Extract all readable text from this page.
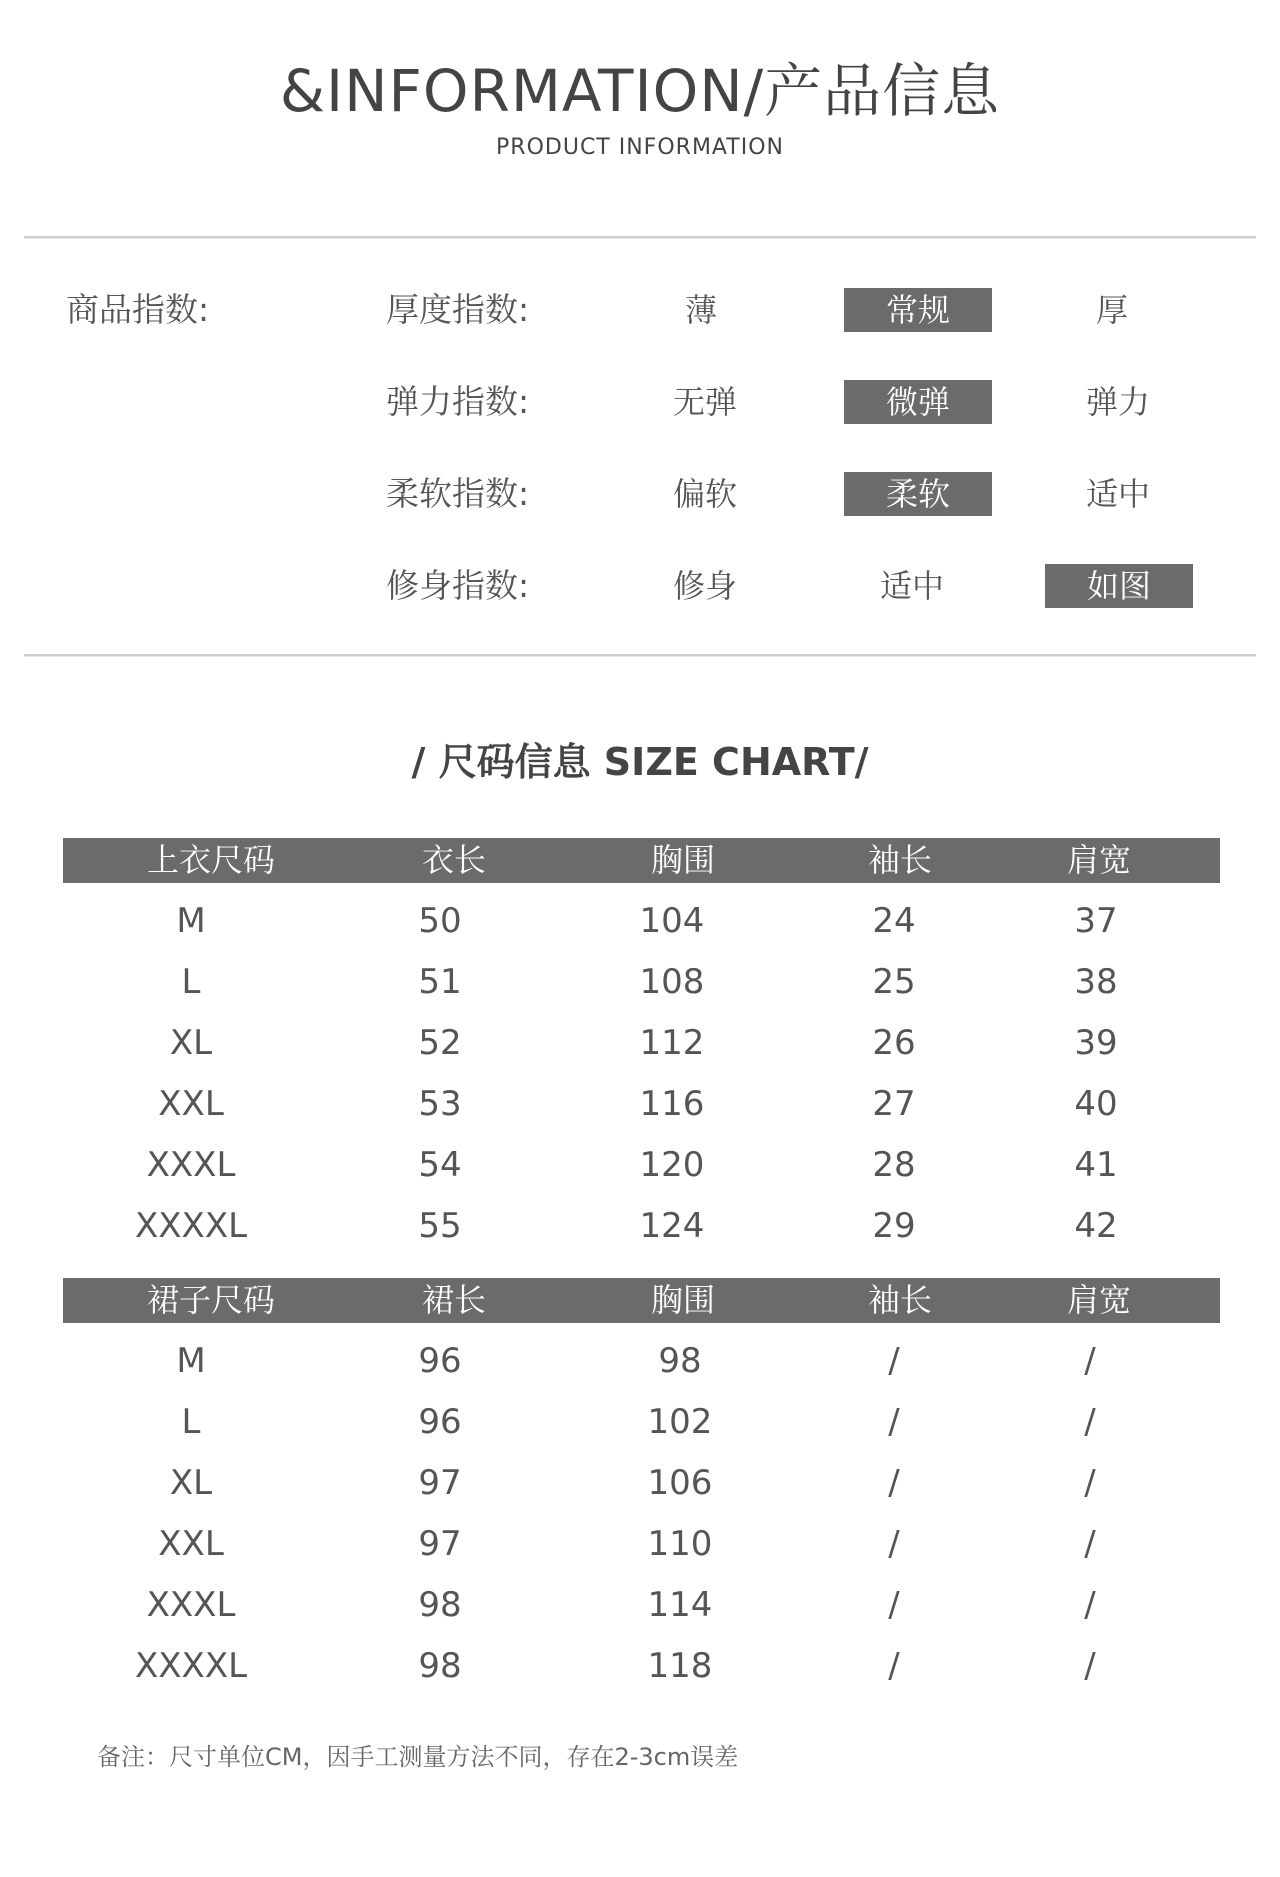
&INFORMATION/产品信息
PRODUCT INFORMATION
商品指数:	厚度指数:	薄	常规	厚
弹力指数:	无弹	微弹	弹力
柔软指数:	偏软	柔软	适中
修身指数:	修身	适中	如图
/ 尺码信息 SIZE CHART/
上衣尺码	衣长	胸围	袖长	肩宽
M	50	104	24	37
L	51	108	25	38
XL	52	112	26	39
XXL	53	116	27	40
XXXL	54	120	28	41
XXXXL	55	124	29	42
裙子尺码	裙长	胸围	袖长	肩宽
M	96	98	/	/
L	96	102	/	/
XL	97	106	/	/
XXL	97	110	/	/
XXXL	98	114	/	/
XXXXL	98	118	/	/
备注：尺寸单位CM，因手工测量方法不同，存在2-3cm误差
